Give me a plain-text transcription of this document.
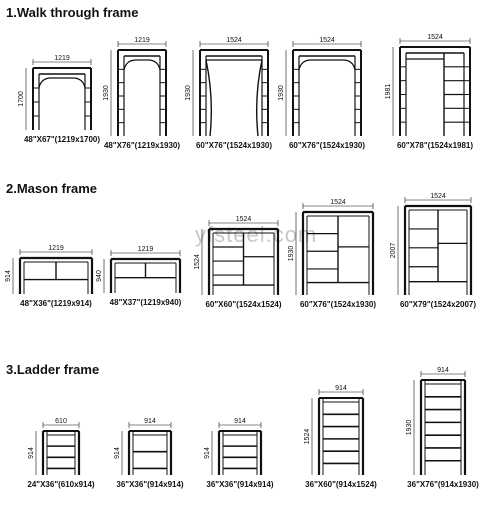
1.Walk through frame
2.Mason frame
3.Ladder frame
yfsteel.com
1219
1700
48"X67"(1219x1700)
1219
1930
48"X76"(1219x1930)
1524
1930
60"X76"(1524x1930)
1524
1930
60"X76"(1524x1930)
1524
1981
60"X78"(1524x1981)
1219
914
48"X36"(1219x914)
1219
940
48"X37"(1219x940)
1524
1524
60"X60"(1524x1524)
1524
1930
60"X76"(1524x1930)
1524
2007
60"X79"(1524x2007)
610
914
24"X36"(610x914)
914
914
36"X36"(914x914)
914
914
36"X36"(914x914)
914
1524
36"X60"(914x1524)
914
1930
36"X76"(914x1930)
